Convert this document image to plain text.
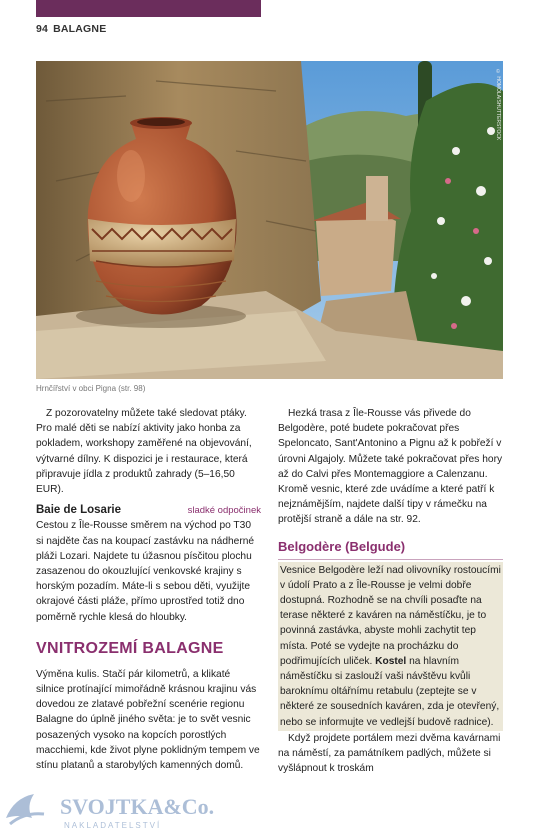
94 BALAGNE
© HOMOLA/SHUTTERSTOCK
Hrnčířství v obci Pigna (str. 98)

Z pozorovatelny můžete také sledovat ptáky. Pro malé děti se nabízí aktivity jako honba za pokladem, workshopy zaměřené na objevování, výtvarné dílny. K dispozici je i restaurace, která připravuje jídla z produktů zahrady (5–16,50 EUR).

Baie de Losarie	sladké odpočinek

Cestou z Île-Rousse směrem na východ po T30 si najděte čas na koupací zastávku na nádherné pláži Lozari. Najdete tu úžasnou písčitou plochu zasazenou do okouzlující venkovské krajiny s horským pozadím. Máte-li s sebou děti, využijte okrajové části pláže, přímo uprostřed totiž dno poměrně rychle klesá do hloubky.

VNITROZEMÍ BALAGNE

Výměna kulis. Stačí pár kilometrů, a klikaté silnice protínající mimořádně krásnou krajinu vás dovedou ze zlatavé pobřežní scenérie regionu Balagne do úplně jiného světa: je to svět vesnic posazených vysoko na kopcích porostlých macchiemi, kde život plyne poklidným tempem ve stínu platanů a starobylých kamenných domů.

Hezká trasa z Île-Rousse vás přivede do Belgodère, poté budete pokračovat přes Speloncato, Sant'Antonino a Pignu až k pobřeží v úrovni Algajoly. Můžete také pokračovat přes hory až do Calvi přes Montemaggiore a Calenzanu. Kromě vesnic, které zde uvádíme a které patří k nejznámějším, najdete další tipy v rámečku na protější straně a dále na str. 92.

Belgodère (Belgude)

Vesnice Belgodère leží nad olivovníky rostoucími v údolí Prato a z Île-Rousse je velmi dobře dostupná. Rozhodně se na chvíli posaďte na terase některé z kaváren na náměstíčku, je to povinná zastávka, abyste mohli zachytit tep místa. Poté se vydejte na procházku do podřimujících uliček. Kostel na hlavním náměstíčku si zaslouží vaši návštěvu kvůli baroknímu oltářnímu retabulu (zeptejte se v některé ze sousedních kaváren, zda je otevřený, nebo se informujte ve vedlejší budově radnice).

Když projdete portálem mezi dvěma kavárnami na náměstí, za památníkem padlých, můžete si vyšlápnout k troskám

SVOJTKA&Co.
NAKLADATELSTVÍ
